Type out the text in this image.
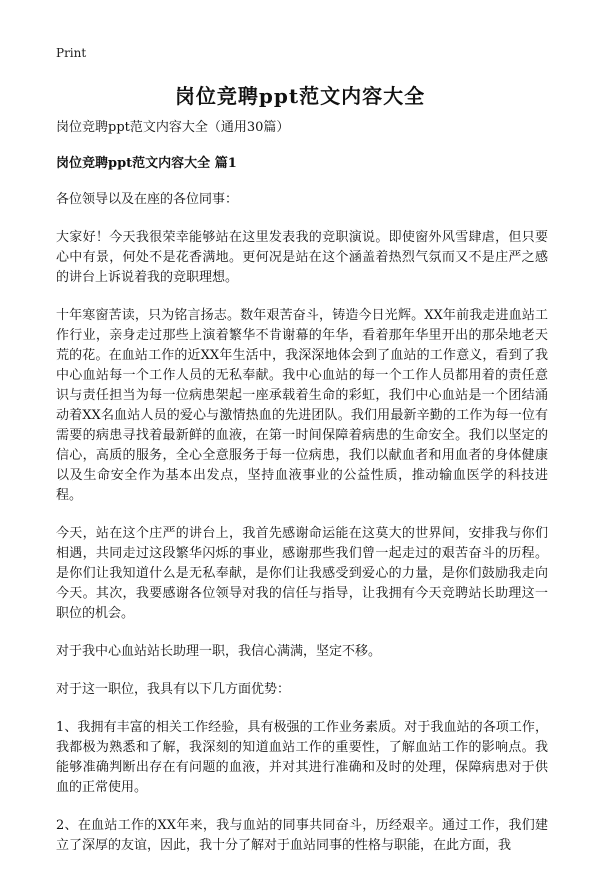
Print
岗位竞聘ppt范文内容大全

岗位竞聘ppt范文内容大全（通用30篇）

岗位竞聘ppt范文内容大全 篇1

各位领导以及在座的各位同事：

大家好！今天我很荣幸能够站在这里发表我的竞职演说。即使窗外风雪肆虐，但只要心中有景，何处不是花香满地。更何况是站在这个涵盖着热烈气氛而又不是庄严之感的讲台上诉说着我的竞职理想。

十年寒窗苦读，只为铭言扬志。数年艰苦奋斗，铸造今日光辉。XX年前我走进血站工作行业，亲身走过那些上演着繁华不肯谢幕的年华，看着那年华里开出的那朵地老天荒的花。在血站工作的近XX年生活中，我深深地体会到了血站的工作意义，看到了我中心血站每一个工作人员的无私奉献。我中心血站的每一个工作人员都用着的责任意识与责任担当为每一位病患架起一座承载着生命的彩虹，我们中心血站是一个团结涌动着XX名血站人员的爱心与激情热血的先进团队。我们用最新辛勤的工作为每一位有需要的病患寻找着最新鲜的血液，在第一时间保障着病患的生命安全。我们以坚定的信心，高质的服务，全心全意服务于每一位病患，我们以献血者和用血者的身体健康以及生命安全作为基本出发点，坚持血液事业的公益性质，推动输血医学的科技进程。

今天，站在这个庄严的讲台上，我首先感谢命运能在这莫大的世界间，安排我与你们相遇，共同走过这段繁华闪烁的事业，感谢那些我们曾一起走过的艰苦奋斗的历程。是你们让我知道什么是无私奉献，是你们让我感受到爱心的力量，是你们鼓励我走向今天。其次，我要感谢各位领导对我的信任与指导，让我拥有今天竞聘站长助理这一职位的机会。

对于我中心血站站长助理一职，我信心满满，坚定不移。

对于这一职位，我具有以下几方面优势：

1、我拥有丰富的相关工作经验，具有极强的工作业务素质。对于我血站的各项工作，我都极为熟悉和了解，我深刻的知道血站工作的重要性，了解血站工作的影响点。我能够准确判断出存在有问题的血液，并对其进行准确和及时的处理，保障病患对于供血的正常使用。

2、在血站工作的XX年来，我与血站的同事共同奋斗，历经艰辛。通过工作，我们建立了深厚的友谊，因此，我十分了解对于血站同事的性格与职能，在此方面，我
